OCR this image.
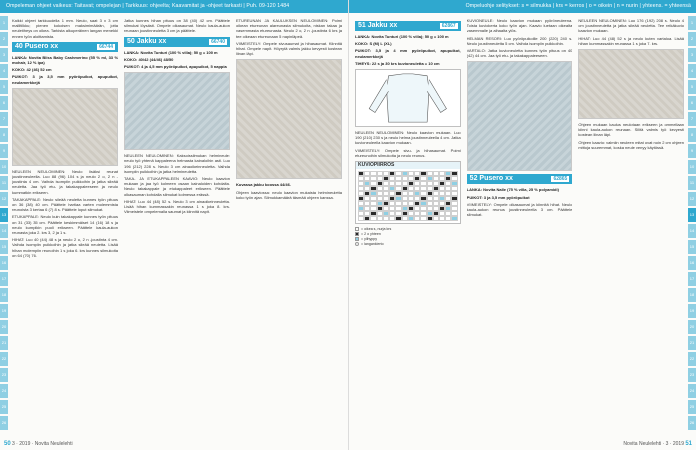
Ompeleman ohjeet vaikeus: Taitavat; ompelejan | Tarkkuus: ohjeelta; Kaavamitat ja -ohjeet tarkasti | Puh. 09-120 1484
1
2
3
4
5
6
7
8
9
10
11
12
13
14
15
16
17
18
19
20
21
22
23
24
25
26

Kaikki ohjeet tarkkuudella 1 mm. Neulo, saat 3 x 3 cm mallitilkku; pienen kokoisen maksimimäärän, jotta neuletiheys on oikea. Tarkista alkuperäinen langan menekki ennen työn aloittamista.

40 Pusero xx	66744

LANKA: Novita Bliss Baby Cashmerino (55 % ml, 33 % mohair, 12 % ipa)

KOKO: 42 (46) 52 cm

PUIKOT: 3 ja 3,5 mm pyöröpuikot, apupuikot, neulamerkkejä

NEULEEN NEULOMINEN: Neulo lisäksi reunat joustinneuleella. Luo 88 (96) 104 s ja neulo 2 o, 2 n -joustinta 4 cm. Vaihda isompiin puikkoihin ja jatka sileää neuletta. Jaa työ etu- ja takakappaleeseen ja neulo kummatkin erikseen.

TAKAKAPPALE: Neulo sileää neuletta kunnes työn pituus on 36 (38) 40 cm. Päättele hartiaa varten molemmista reunoista 3 kertaa 6 (7) 8 s. Päättele loput silmukat.

ETUKAPPALE: Neulo kuin takakappale kunnes työn pituus on 31 (33) 35 cm. Päättele keskimmäiset 14 (16) 18 s ja neulo kumpikin puoli erikseen. Päättele kaula-aukon reunasta joka 2. krs 3, 2 ja 1 s.

HIHAT: Luo 40 (44) 48 s ja neulo 2 o, 2 n -joustinta 4 cm. Vaihda isompiin puikkoihin ja jatka sileää neuletta. Lisää hihan molempiin reunoihin 1 s joka 6. krs kunnes silmukoita on 64 (70) 76.

Jatka kunnes hihan pituus on 38 (40) 42 cm. Päättele silmukat löysästi. Ompele olkasaumat. Neulo kaula-aukon reunaan joustinneuletta 3 cm ja päättele.

50 Jakku xx	66740

LANKA: Novita Tunturi (100 % villa); 50 g = 100 m

KOKO: 40/42 (44/46) 48/50

PUIKOT: 4 ja 4,5 mm pyöröpuikot, apupuikot, 5 nappia

NEULEEN NEULOMINEN: Kaksoissilmukan helmineule: neulo työ yhtenä kappaleena helmasta kainaloihin asti. Luo 196 (212) 228 s. Neulo 3 cm ainaoikeinneuletta. Vaihda isompiin puikkoihin ja jatka helmineuletta.

TAKA- JA ETUKAPPALEEN KAAVIO: Neulo kaavion mukaan ja jaa työ kolmeen osaan kainaloiden kohdalta. Neulo takakappale ja etukappaleet erikseen. Päättele olkasauman kohdalla silmukat kolmessa erässä.

HIHAT: Luo 44 (48) 52 s. Neulo 3 cm ainaoikeinneuletta. Lisää hihan kummassakin reunassa 1 s joka 8. krs. Viimeistele ompelemalla saumat ja kiinnitä napit.

ETUREUNAN JA KAULUKSEN NEULOMINEN: Poimi oikean etureunan alareunasta silmukoita, niskan takaa ja vasemmasta etureunasta. Neulo 2 o, 2 n -joustinta 6 krs ja tee oikeaan etureunaan 5 napinläpeä.

VIIMEISTELY: Ompele sivusaumat ja hihasaumat. Kiinnitä hihat. Ompele napit. Höyrytä valmis jakku kevyesti kostean liinan läpi.

Kuvassa jakku koossa 44/46.

Ohjeen kaaviossa: neulo kaavion mukaista helmineuletta koko työn ajan. Silmukkamäärä täsmää ohjeen kanssa.

3 · 2019 · Novita Neulelehti
50
Ompeluohje selitykset: s = silmukka | krs = kerros | o = oikein | n = nurin | yhteens. = yhteensä
1
2
3
4
5
6
7
8
9
10
11
12
13
14
15
16
17
18
19
20
21
22
23
24
25
26
51 Jakku xx	62867

LANKA: Novita Tunturi (100 % villa); 50 g = 100 m

KOKO: S (M) L (XL)

PUIKOT: 3,5 ja 4 mm pyöröpuikot, apupuikot, neulamerkkejä

TIHEYS: 22 s ja 30 krs kuvioneuletta = 10 cm

NEULEEN NEULOMINEN: Neulo kaavion mukaan. Luo 190 (210) 230 s ja neulo helma joustinneuleella 4 cm. Jatka kuvioneuleella kaavion mukaan.

VIIMEISTELY: Ompele sivu- ja hihasaumat. Poimi etureunoihin silmukoita ja neulo reunus.

KUVIOPIIRROS
= oikea s, nurja krs
= 2 o yhteen
= ylihyppy
= langankierto

KUVIONEULE: Neulo kaavion mukaan pyöröneuleena. Toista kuviokerta koko työn ajan. Kaavio luetaan oikealta vasemmalle ja alhaalta ylös.

HELMAN RESORI: Luo pyöröpuikoille 200 (220) 240 s. Neulo joustinneuletta 5 cm. Vaihda isompiin puikkoihin.

VARTALO: Jatka kuvioneuletta kunnes työn pituus on 40 (42) 44 cm. Jaa työ etu- ja takakappaleeseen.

52 Pusero xx	62865

LANKA: Novita Nalle (75 % villa, 25 % polyamidi)

PUIKOT: 3 ja 3,5 mm pyöröpuikot

VIIMEISTELY: Ompele olkasaumat ja kiinnitä hihat. Neulo kaula-aukon reunus joustinneuleella 3 cm. Päättele silmukat.

NEULEEN NEULOMINEN: Luo 176 (192) 208 s. Neulo 4 cm joustinneuletta ja jatka sileää neuletta. Tee reikäkuvio kaavion mukaan.

HIHAT: Luo 44 (48) 52 s ja neulo kuten vartaloa. Lisää hihan kummassakin reunassa 1 s joka 7. krs.

Ohjeen mukaan kaulus neulotaan erikseen ja ommellaan kiinni kaula-aukon reunaan. Silitä valmis työ kevyesti kostean liinan läpi.

Ohjeen kaavio: valmiin neuleen mitat ovat noin 2 cm ohjeen mittoja suuremmat, koska neule venyy käytössä.

Novita Neulelehti · 3 · 2019 51
